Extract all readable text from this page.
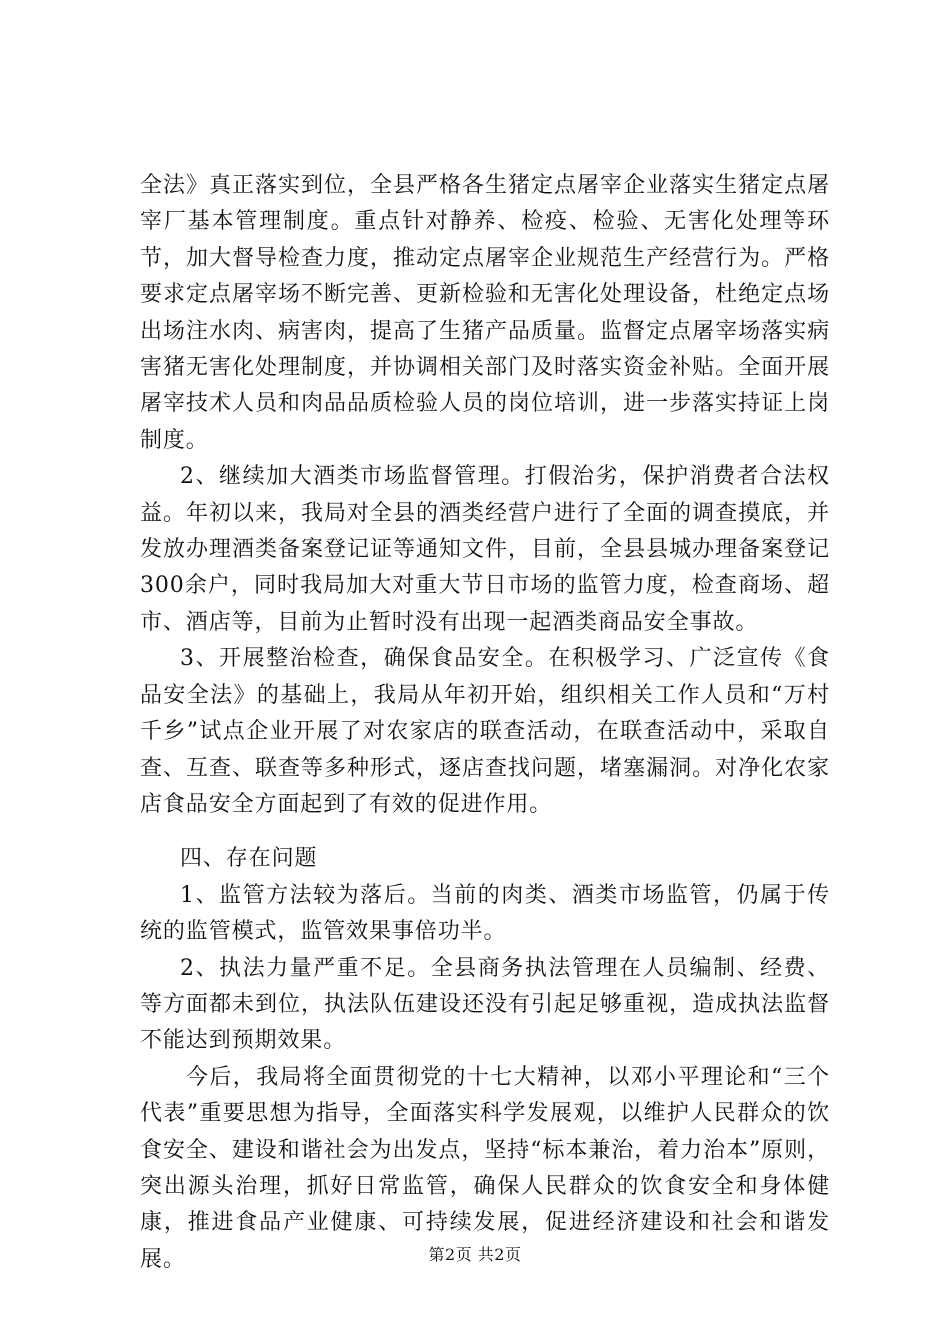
全法》真正落实到位，全县严格各生猪定点屠宰企业落实生猪定点屠宰厂基本管理制度。重点针对静养、检疫、检验、无害化处理等环节，加大督导检查力度，推动定点屠宰企业规范生产经营行为。严格要求定点屠宰场不断完善、更新检验和无害化处理设备，杜绝定点场出场注水肉、病害肉，提高了生猪产品质量。监督定点屠宰场落实病害猪无害化处理制度，并协调相关部门及时落实资金补贴。全面开展屠宰技术人员和肉品品质检验人员的岗位培训，进一步落实持证上岗制度。

2、继续加大酒类市场监督管理。打假治劣，保护消费者合法权益。年初以来，我局对全县的酒类经营户进行了全面的调查摸底，并发放办理酒类备案登记证等通知文件，目前，全县县城办理备案登记300余户，同时我局加大对重大节日市场的监管力度，检查商场、超市、酒店等，目前为止暂时没有出现一起酒类商品安全事故。

3、开展整治检查，确保食品安全。在积极学习、广泛宣传《食品安全法》的基础上，我局从年初开始，组织相关工作人员和“万村千乡”试点企业开展了对农家店的联查活动，在联查活动中，采取自查、互查、联查等多种形式，逐店查找问题，堵塞漏洞。对净化农家店食品安全方面起到了有效的促进作用。

四、存在问题

1、监管方法较为落后。当前的肉类、酒类市场监管，仍属于传统的监管模式，监管效果事倍功半。

2、执法力量严重不足。全县商务执法管理在人员编制、经费、等方面都未到位，执法队伍建设还没有引起足够重视，造成执法监督不能达到预期效果。

今后，我局将全面贯彻党的十七大精神，以邓小平理论和“三个代表”重要思想为指导，全面落实科学发展观，以维护人民群众的饮食安全、建设和谐社会为出发点，坚持“标本兼治，着力治本”原则，突出源头治理，抓好日常监管，确保人民群众的饮食安全和身体健康，推进食品产业健康、可持续发展，促进经济建设和社会和谐发展。	第2页 共2页
